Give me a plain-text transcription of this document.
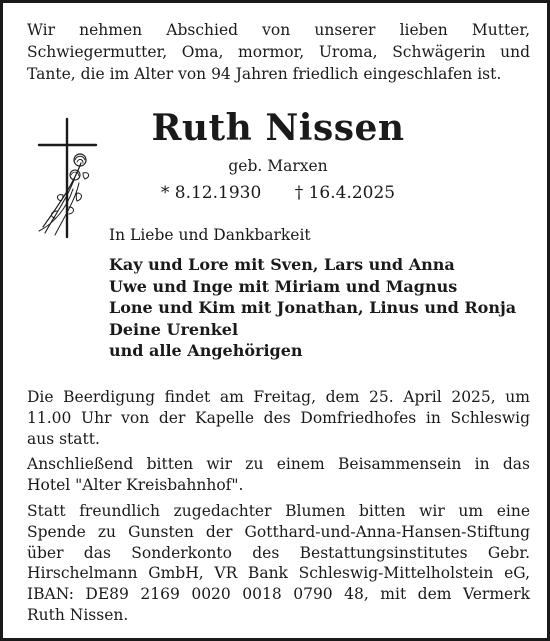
Wir nehmen Abschied von unserer lieben Mutter,
Schwiegermutter, Oma, mormor, Uroma, Schwägerin und
Tante, die im Alter von 94 Jahren friedlich eingeschlafen ist.
Ruth Nissen
geb. Marxen
* 8.12.1930 † 16.4.2025
In Liebe und Dankbarkeit
Kay und Lore mit Sven, Lars und Anna
Uwe und Inge mit Miriam und Magnus
Lone und Kim mit Jonathan, Linus und Ronja
Deine Urenkel
und alle Angehörigen

Die Beerdigung findet am Freitag, dem 25. April 2025, um
11.00 Uhr von der Kapelle des Domfriedhofes in Schleswig
aus statt.

Anschließend bitten wir zu einem Beisammensein in das
Hotel "Alter Kreisbahnhof".

Statt freundlich zugedachter Blumen bitten wir um eine
Spende zu Gunsten der Gotthard-und-Anna-Hansen-Stiftung
über das Sonderkonto des Bestattungsinstitutes Gebr.
Hirschelmann GmbH, VR Bank Schleswig-Mittelholstein eG,
IBAN: DE89 2169 0020 0018 0790 48, mit dem Vermerk
Ruth Nissen.
